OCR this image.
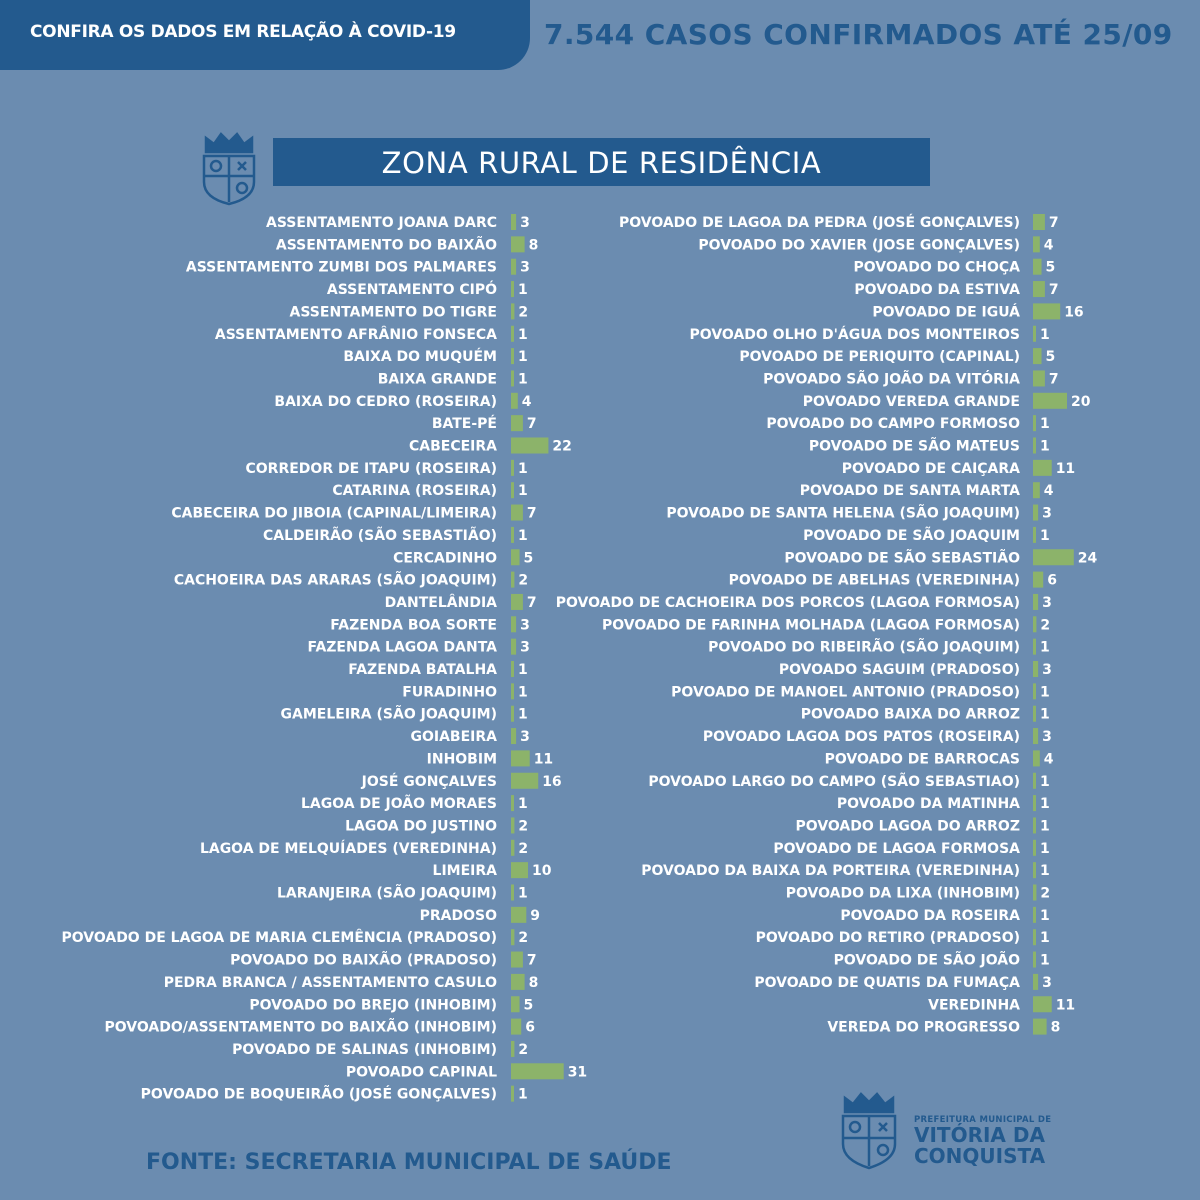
CONFIRA OS DADOS EM RELAÇÃO À COVID-19	7.544 CASOS CONFIRMADOS ATÉ 25/09
ZONA RURAL DE RESIDÊNCIA
ASSENTAMENTO JOANA DARC 3
ASSENTAMENTO DO BAIXÃO 8
ASSENTAMENTO ZUMBI DOS PALMARES 3
ASSENTAMENTO CIPÓ 1
ASSENTAMENTO DO TIGRE 2
ASSENTAMENTO AFRÂNIO FONSECA 1
BAIXA DO MUQUÉM 1
BAIXA GRANDE 1
BAIXA DO CEDRO (ROSEIRA) 4
BATE-PÉ 7
CABECEIRA	22
CORREDOR DE ITAPU (ROSEIRA) 1
CATARINA (ROSEIRA) 1
CABECEIRA DO JIBOIA (CAPINAL/LIMEIRA) 7
CALDEIRÃO (SÃO SEBASTIÃO) 1
CERCADINHO 5
CACHOEIRA DAS ARARAS (SÃO JOAQUIM) 2
DANTELÂNDIA 7
FAZENDA BOA SORTE 3
FAZENDA LAGOA DANTA 3
FAZENDA BATALHA 1
FURADINHO 1
GAMELEIRA (SÃO JOAQUIM) 1
GOIABEIRA 3
INHOBIM	11
JOSÉ GONÇALVES	16
LAGOA DE JOÃO MORAES 1
LAGOA DO JUSTINO 2
LAGOA DE MELQUÍADES (VEREDINHA) 2
LIMEIRA	10
LARANJEIRA (SÃO JOAQUIM) 1
PRADOSO 9
POVOADO DE LAGOA DE MARIA CLEMÊNCIA (PRADOSO) 2
POVOADO DO BAIXÃO (PRADOSO) 7
PEDRA BRANCA / ASSENTAMENTO CASULO 8
POVOADO DO BREJO (INHOBIM) 5
POVOADO/ASSENTAMENTO DO BAIXÃO (INHOBIM) 6
POVOADO DE SALINAS (INHOBIM) 2
POVOADO CAPINAL	31
POVOADO DE BOQUEIRÃO (JOSÉ GONÇALVES) 1
POVOADO DE LAGOA DA PEDRA (JOSÉ GONÇALVES) 7
POVOADO DO XAVIER (JOSE GONÇALVES) 4
POVOADO DO CHOÇA 5
POVOADO DA ESTIVA 7
POVOADO DE IGUÁ	16
POVOADO OLHO D'ÁGUA DOS MONTEIROS 1
POVOADO DE PERIQUITO (CAPINAL) 5
POVOADO SÃO JOÃO DA VITÓRIA 7
POVOADO VEREDA GRANDE	20
POVOADO DO CAMPO FORMOSO 1
POVOADO DE SÃO MATEUS 1
POVOADO DE CAIÇARA	11
POVOADO DE SANTA MARTA 4
POVOADO DE SANTA HELENA (SÃO JOAQUIM) 3
POVOADO DE SÃO JOAQUIM 1
POVOADO DE SÃO SEBASTIÃO	24
POVOADO DE ABELHAS (VEREDINHA) 6
POVOADO DE CACHOEIRA DOS PORCOS (LAGOA FORMOSA) 3
POVOADO DE FARINHA MOLHADA (LAGOA FORMOSA) 2
POVOADO DO RIBEIRÃO (SÃO JOAQUIM) 1
POVOADO SAGUIM (PRADOSO) 3
POVOADO DE MANOEL ANTONIO (PRADOSO) 1
POVOADO BAIXA DO ARROZ 1
POVOADO LAGOA DOS PATOS (ROSEIRA) 3
POVOADO DE BARROCAS 4
POVOADO LARGO DO CAMPO (SÃO SEBASTIAO) 1
POVOADO DA MATINHA 1
POVOADO LAGOA DO ARROZ 1
POVOADO DE LAGOA FORMOSA 1
POVOADO DA BAIXA DA PORTEIRA (VEREDINHA) 1
POVOADO DA LIXA (INHOBIM) 2
POVOADO DA ROSEIRA 1
POVOADO DO RETIRO (PRADOSO) 1
POVOADO DE SÃO JOÃO 1
POVOADO DE QUATIS DA FUMAÇA 3
VEREDINHA	11
VEREDA DO PROGRESSO 8
FONTE: SECRETARIA MUNICIPAL DE SAÚDE
PREFEITURA MUNICIPAL DE
VITÓRIA DA
CONQUISTA
